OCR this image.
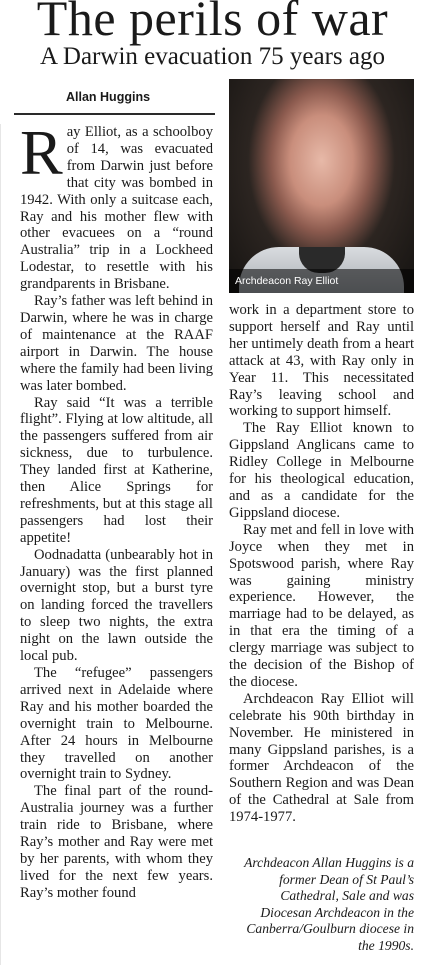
The perils of war
A Darwin evacuation 75 years ago
Allan Huggins

Ray Elliot, as a schoolboy of 14, was evacuated from Darwin just before that city was bombed in 1942. With only a suitcase each, Ray and his mother flew with other evacuees on a “round Australia” trip in a Lockheed Lodestar, to resettle with his grandparents in Brisbane.

Ray’s father was left behind in Darwin, where he was in charge of maintenance at the RAAF airport in Darwin. The house where the family had been living was later bombed.

Ray said “It was a terrible flight”. Flying at low altitude, all the passengers suffered from air sickness, due to turbulence. They landed first at Katherine, then Alice Springs for refreshments, but at this stage all passengers had lost their appetite!

Oodnadatta (unbearably hot in January) was the first planned overnight stop, but a burst tyre on landing forced the travellers to sleep two nights, the extra night on the lawn outside the local pub.

The “refugee” passengers arrived next in Adelaide where Ray and his mother boarded the overnight train to Melbourne. After 24 hours in Melbourne they travelled on another overnight train to Sydney.

The final part of the round-Australia journey was a further train ride to Brisbane, where Ray’s mother and Ray were met by her parents, with whom they lived for the next few years. Ray’s mother found

Archdeacon Ray Elliot

work in a department store to support herself and Ray until her untimely death from a heart attack at 43, with Ray only in Year 11. This necessitated Ray’s leaving school and working to support himself.

The Ray Elliot known to Gippsland Anglicans came to Ridley College in Melbourne for his theological education, and as a candidate for the Gippsland diocese.

Ray met and fell in love with Joyce when they met in Spotswood parish, where Ray was gaining ministry experience. However, the marriage had to be delayed, as in that era the timing of a clergy marriage was subject to the decision of the Bishop of the diocese.

Archdeacon Ray Elliot will celebrate his 90th birthday in November. He ministered in many Gippsland parishes, is a former Archdeacon of the Southern Region and was Dean of the Cathedral at Sale from 1974-1977.

Archdeacon Allan Huggins is a former Dean of St Paul’s Cathedral, Sale and was Diocesan Archdeacon in the Canberra/Goulburn diocese in the 1990s.
